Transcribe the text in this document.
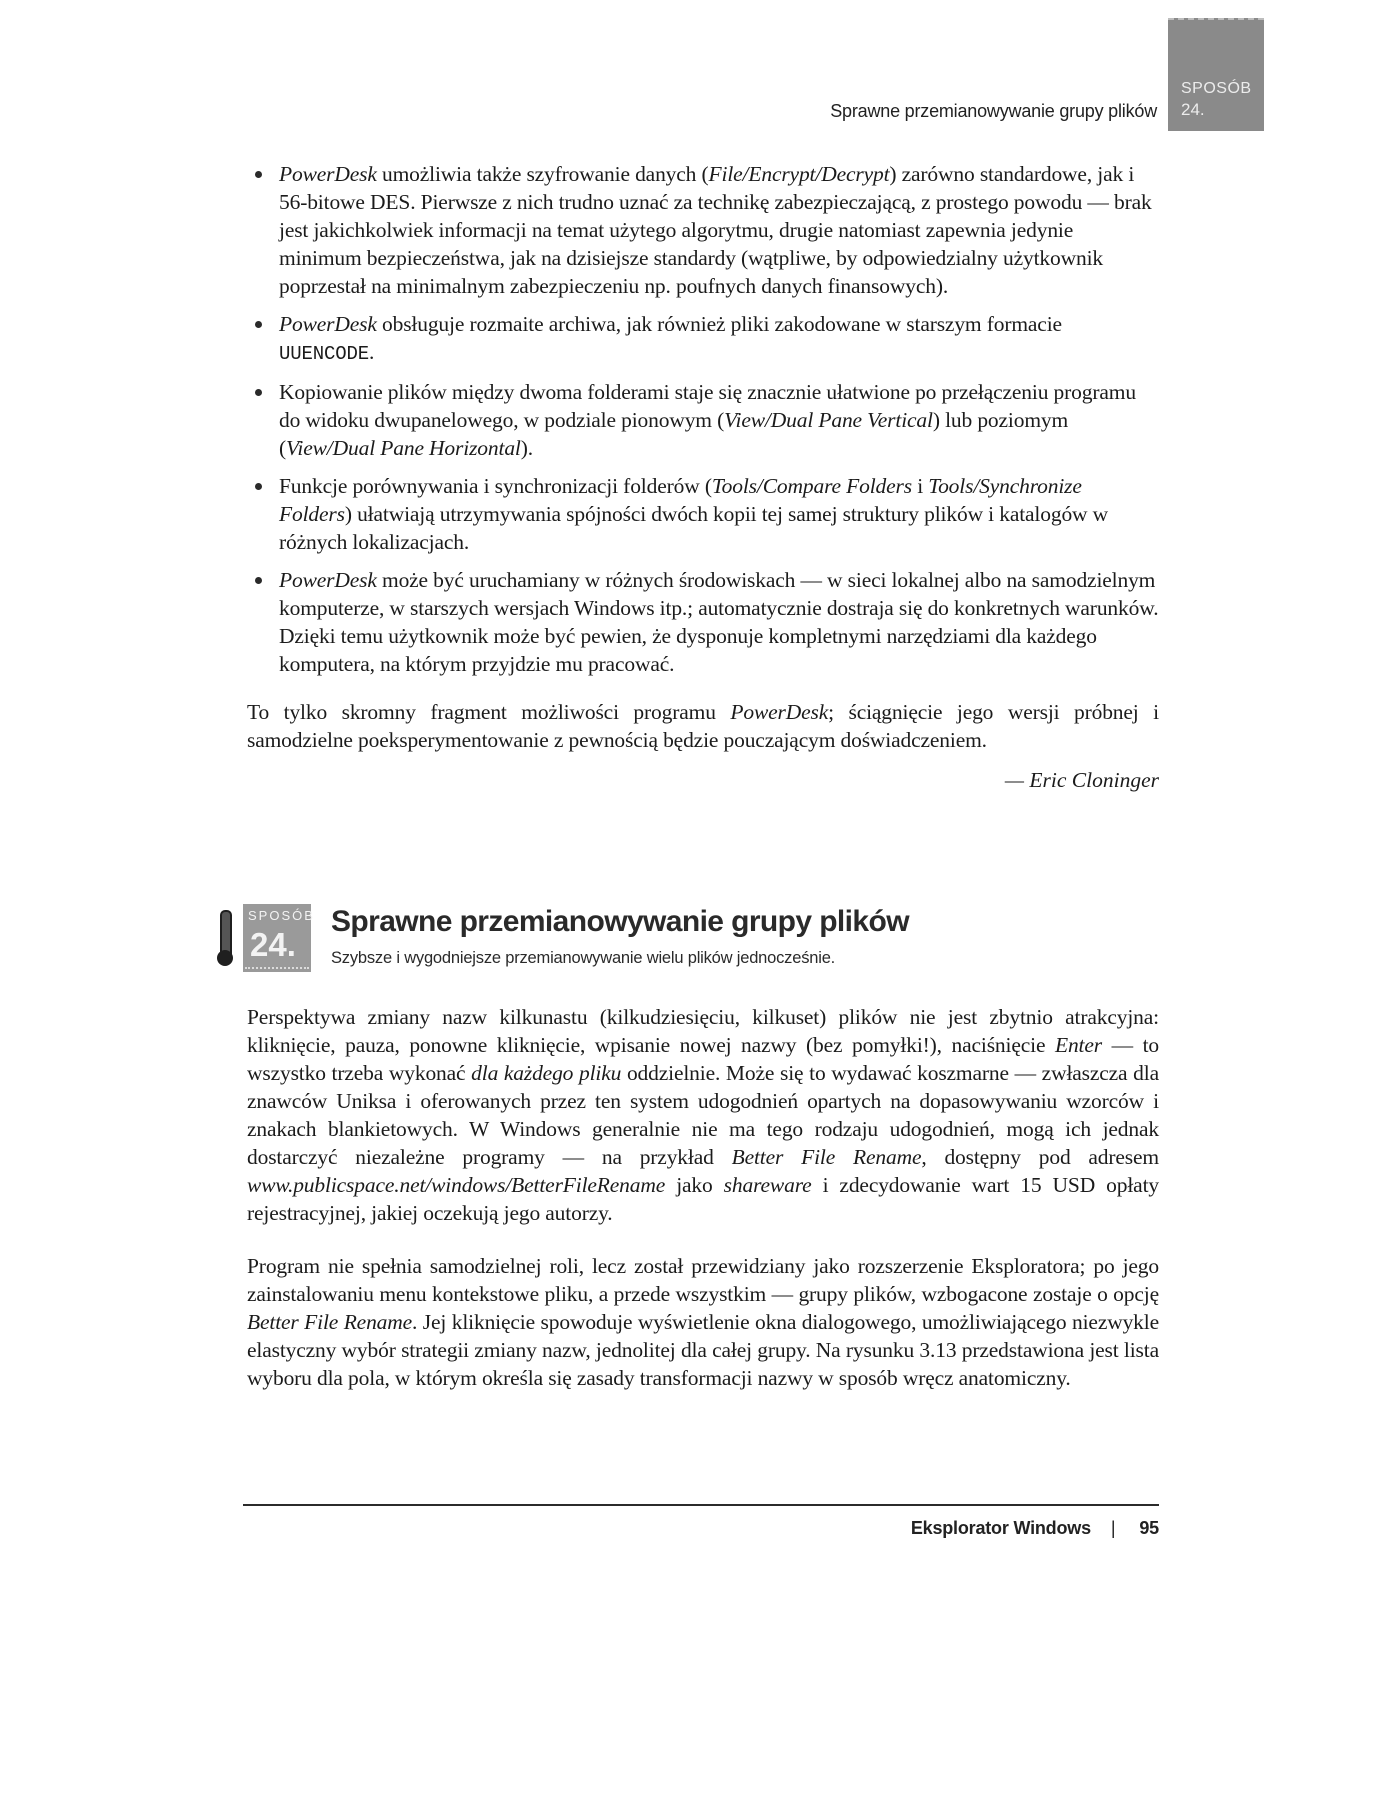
Sprawne przemianowywanie grupy plików
SPOSÓB
24.
PowerDesk umożliwia także szyfrowanie danych (File/Encrypt/Decrypt) zarówno standardowe, jak i 56-bitowe DES. Pierwsze z nich trudno uznać za technikę zabezpieczającą, z prostego powodu — brak jest jakichkolwiek informacji na temat użytego algorytmu, drugie natomiast zapewnia jedynie minimum bezpieczeństwa, jak na dzisiejsze standardy (wątpliwe, by odpowiedzialny użytkownik poprzestał na minimalnym zabezpieczeniu np. poufnych danych finansowych).
PowerDesk obsługuje rozmaite archiwa, jak również pliki zakodowane w starszym formacie UUENCODE.
Kopiowanie plików między dwoma folderami staje się znacznie ułatwione po przełączeniu programu do widoku dwupanelowego, w podziale pionowym (View/Dual Pane Vertical) lub poziomym (View/Dual Pane Horizontal).
Funkcje porównywania i synchronizacji folderów (Tools/Compare Folders i Tools/Synchronize Folders) ułatwiają utrzymywania spójności dwóch kopii tej samej struktury plików i katalogów w różnych lokalizacjach.
PowerDesk może być uruchamiany w różnych środowiskach — w sieci lokalnej albo na samodzielnym komputerze, w starszych wersjach Windows itp.; automatycznie dostraja się do konkretnych warunków. Dzięki temu użytkownik może być pewien, że dysponuje kompletnymi narzędziami dla każdego komputera, na którym przyjdzie mu pracować.

To tylko skromny fragment możliwości programu PowerDesk; ściągnięcie jego wersji próbnej i samodzielne poeksperymentowanie z pewnością będzie pouczającym doświadczeniem.

— Eric Cloninger
SPOSÓB
24.
Sprawne przemianowywanie grupy plików
Szybsze i wygodniejsze przemianowywanie wielu plików jednocześnie.

Perspektywa zmiany nazw kilkunastu (kilkudziesięciu, kilkuset) plików nie jest zbytnio atrakcyjna: kliknięcie, pauza, ponowne kliknięcie, wpisanie nowej nazwy (bez pomyłki!), naciśnięcie Enter — to wszystko trzeba wykonać dla każdego pliku oddzielnie. Może się to wydawać koszmarne — zwłaszcza dla znawców Uniksa i oferowanych przez ten system udogodnień opartych na dopasowywaniu wzorców i znakach blankietowych. W Windows generalnie nie ma tego rodzaju udogodnień, mogą ich jednak dostarczyć niezależne programy — na przykład Better File Rename, dostępny pod adresem www.publicspace.net/windows/BetterFileRename jako shareware i zdecydowanie wart 15 USD opłaty rejestracyjnej, jakiej oczekują jego autorzy.

Program nie spełnia samodzielnej roli, lecz został przewidziany jako rozszerzenie Eksploratora; po jego zainstalowaniu menu kontekstowe pliku, a przede wszystkim — grupy plików, wzbogacone zostaje o opcję Better File Rename. Jej kliknięcie spowoduje wyświetlenie okna dialogowego, umożliwiającego niezwykle elastyczny wybór strategii zmiany nazw, jednolitej dla całej grupy. Na rysunku 3.13 przedstawiona jest lista wyboru dla pola, w którym określa się zasady transformacji nazwy w sposób wręcz anatomiczny.

Eksplorator Windows | 95
